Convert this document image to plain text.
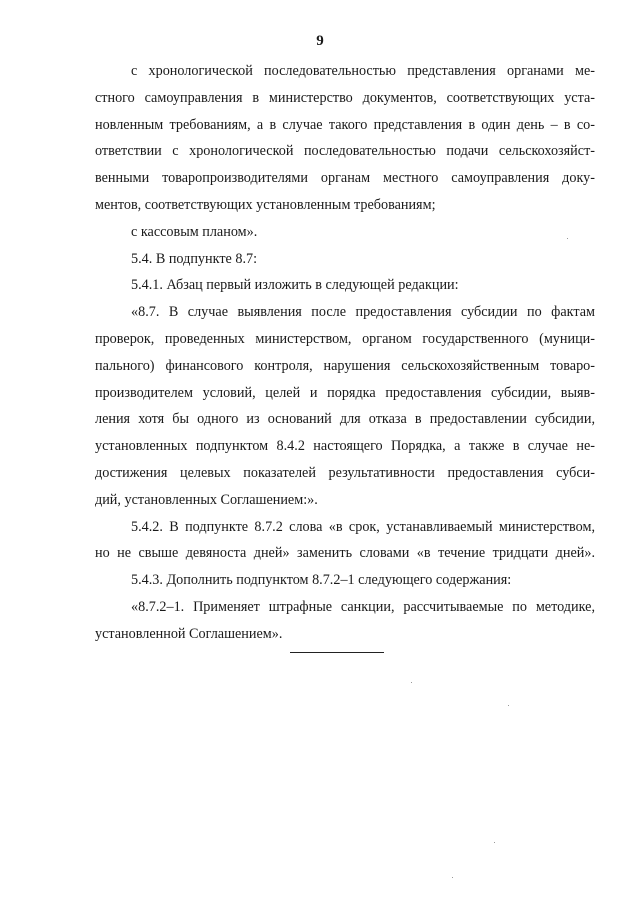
9
с хронологической последовательностью представления органами ме-
стного самоуправления в министерство документов, соответствующих уста-
новленным требованиям, а в случае такого представления в один день – в со-
ответствии с хронологической последовательностью подачи сельскохозяйст-
венными товаропроизводителями органам местного самоуправления доку-
ментов, соответствующих установленным требованиям;
с кассовым планом».
5.4. В подпункте 8.7:
5.4.1. Абзац первый изложить в следующей редакции:
«8.7. В случае выявления после предоставления субсидии по фактам
проверок, проведенных министерством, органом государственного (муници-
пального) финансового контроля, нарушения сельскохозяйственным товаро-
производителем условий, целей и порядка предоставления субсидии, выяв-
ления хотя бы одного из оснований для отказа в предоставлении субсидии,
установленных подпунктом 8.4.2 настоящего Порядка, а также в случае не-
достижения целевых показателей результативности предоставления субси-
дий, установленных Соглашением:».
5.4.2. В подпункте 8.7.2 слова «в срок, устанавливаемый министерством,
но не свыше девяноста дней» заменить словами «в течение тридцати дней».
5.4.3. Дополнить подпунктом 8.7.2–1 следующего содержания:
«8.7.2–1. Применяет штрафные санкции, рассчитываемые по методике,
установленной Соглашением».
